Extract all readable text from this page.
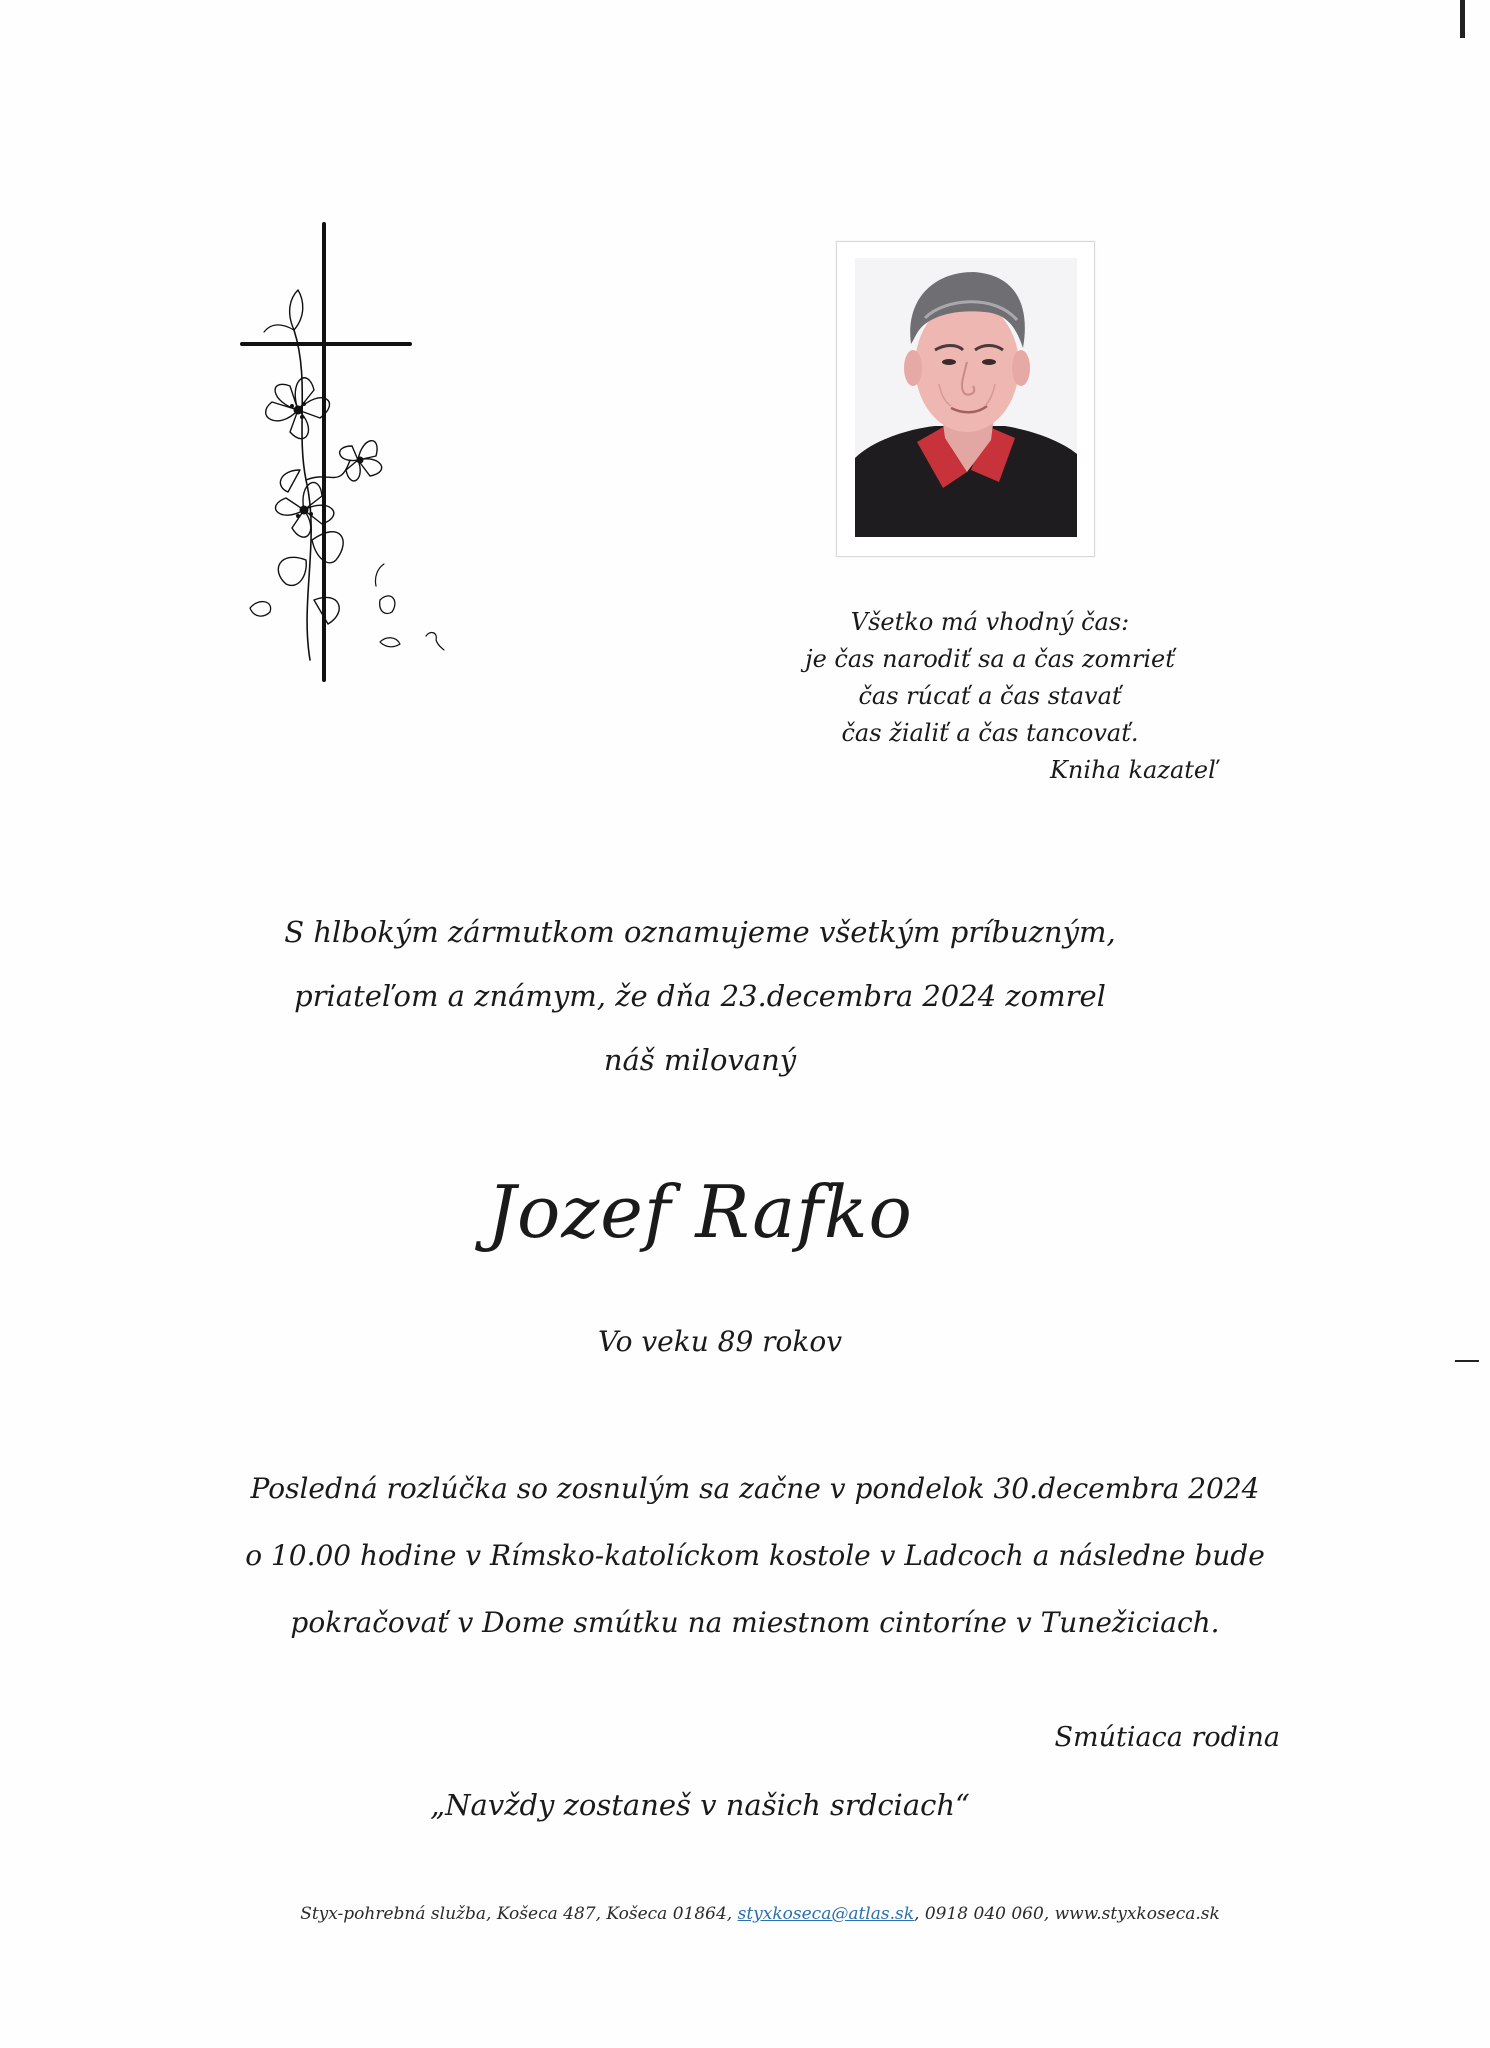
Všetko má vhodný čas:
je čas narodiť sa a čas zomrieť
čas rúcať a čas stavať
čas žialiť a čas tancovať.
Kniha kazateľ
S hlbokým zármutkom oznamujeme všetkým príbuzným,
priateľom a známym, že dňa 23.decembra 2024 zomrel
náš milovaný
Jozef Rafko
Vo veku 89 rokov
Posledná rozlúčka so zosnulým sa začne v pondelok 30.decembra 2024
o 10.00 hodine v Rímsko-katolíckom kostole v Ladcoch a následne bude
pokračovať v Dome smútku na miestnom cintoríne v Tunežiciach.
Smútiaca rodina
„Navždy zostaneš v našich srdciach“
Styx-pohrebná služba, Košeca 487, Košeca 01864, styxkoseca@atlas.sk, 0918 040 060, www.styxkoseca.sk
